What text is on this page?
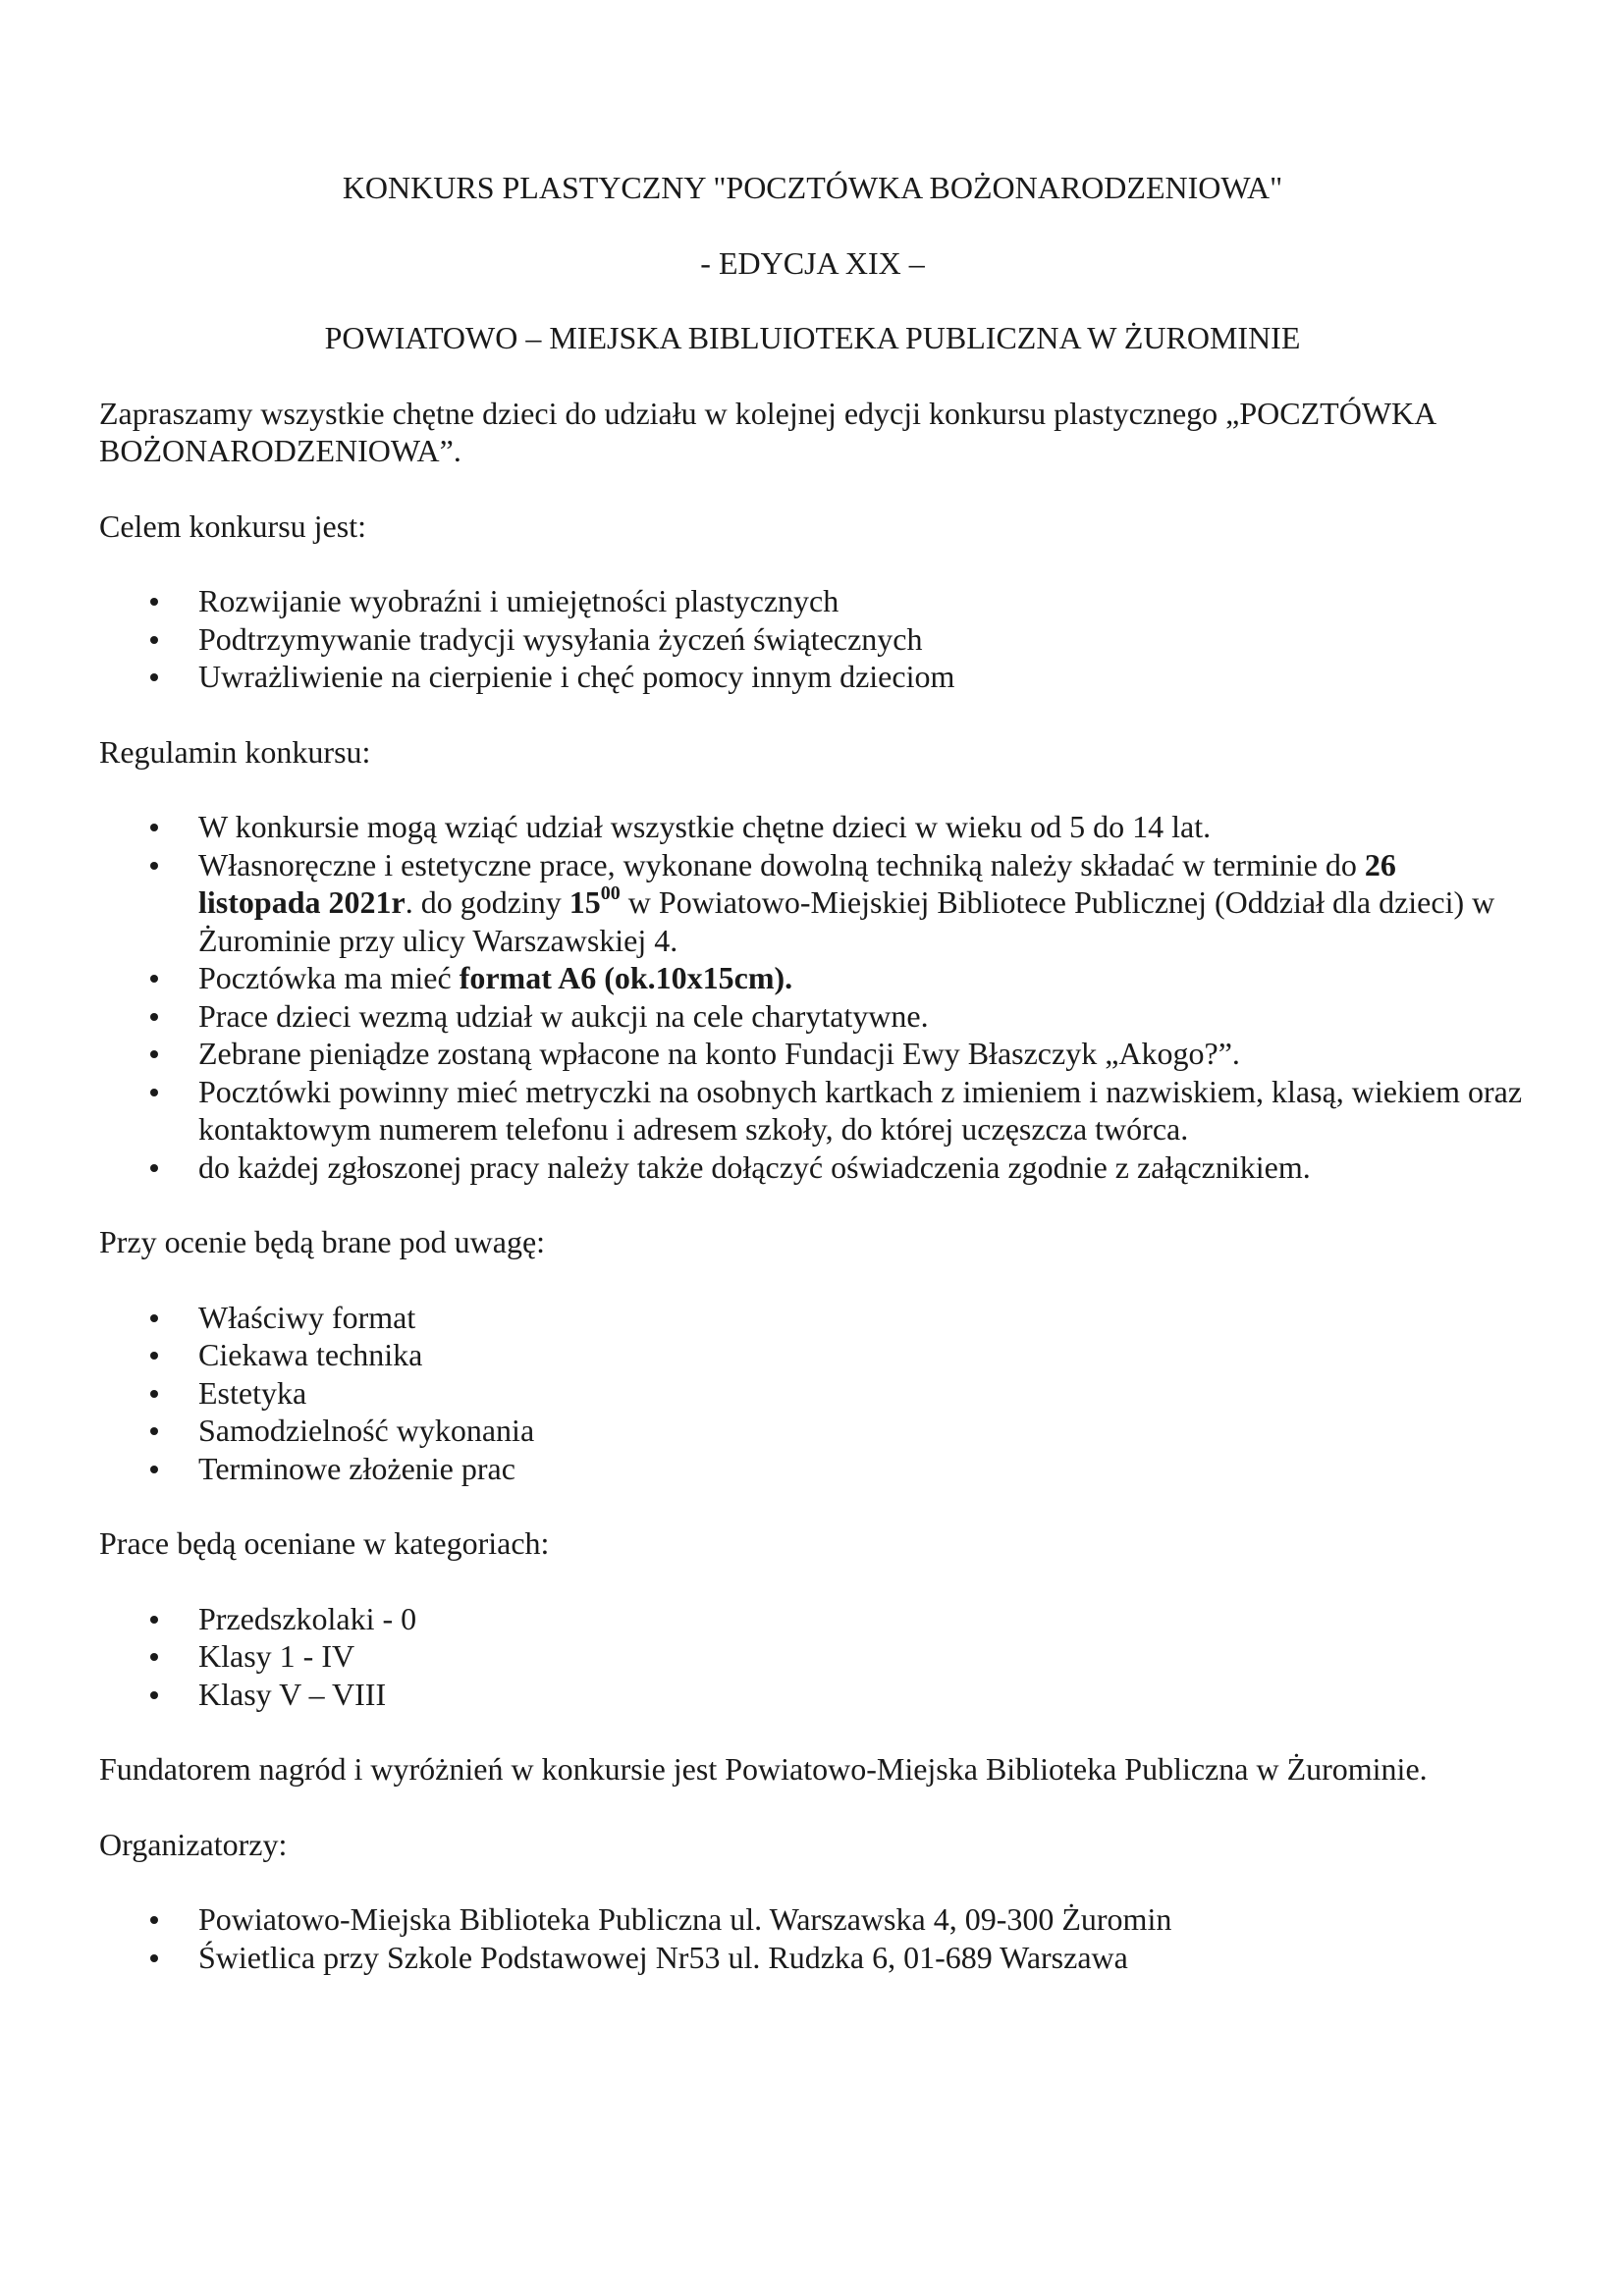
KONKURS PLASTYCZNY "POCZTÓWKA BOŻONARODZENIOWA"

- EDYCJA XIX –

POWIATOWO – MIEJSKA BIBLUIOTEKA PUBLICZNA W ŻUROMINIE

Zapraszamy wszystkie chętne dzieci do udziału w kolejnej edycji konkursu plastycznego „POCZTÓWKA BOŻONARODZENIOWA”.

Celem konkursu jest:

Rozwijanie wyobraźni i umiejętności plastycznych
Podtrzymywanie tradycji wysyłania życzeń świątecznych
Uwrażliwienie na cierpienie i chęć pomocy innym dzieciom

Regulamin konkursu:

W konkursie mogą wziąć udział wszystkie chętne dzieci w wieku od 5 do 14 lat.
Własnoręczne i estetyczne prace, wykonane dowolną techniką należy składać w terminie do 26 listopada 2021r. do godziny $15^{00}$ w Powiatowo-Miejskiej Bibliotece Publicznej (Oddział dla dzieci) w Żurominie przy ulicy Warszawskiej 4.
Pocztówka ma mieć format A6 (ok.10x15cm).
Prace dzieci wezmą udział w aukcji na cele charytatywne.
Zebrane pieniądze zostaną wpłacone na konto Fundacji Ewy Błaszczyk „Akogo?”.
Pocztówki powinny mieć metryczki na osobnych kartkach z imieniem i nazwiskiem, klasą, wiekiem oraz kontaktowym numerem telefonu i adresem szkoły, do której uczęszcza twórca.
do każdej zgłoszonej pracy należy także dołączyć oświadczenia zgodnie z załącznikiem.

Przy ocenie będą brane pod uwagę:

Właściwy format
Ciekawa technika
Estetyka
Samodzielność wykonania
Terminowe złożenie prac

Prace będą oceniane w kategoriach:

Przedszkolaki - 0
Klasy 1 - IV
Klasy V – VIII

Fundatorem nagród i wyróżnień w konkursie jest Powiatowo-Miejska Biblioteka Publiczna w Żurominie.

Organizatorzy:

Powiatowo-Miejska Biblioteka Publiczna ul. Warszawska 4, 09-300 Żuromin
Świetlica przy Szkole Podstawowej Nr53 ul. Rudzka 6, 01-689 Warszawa
